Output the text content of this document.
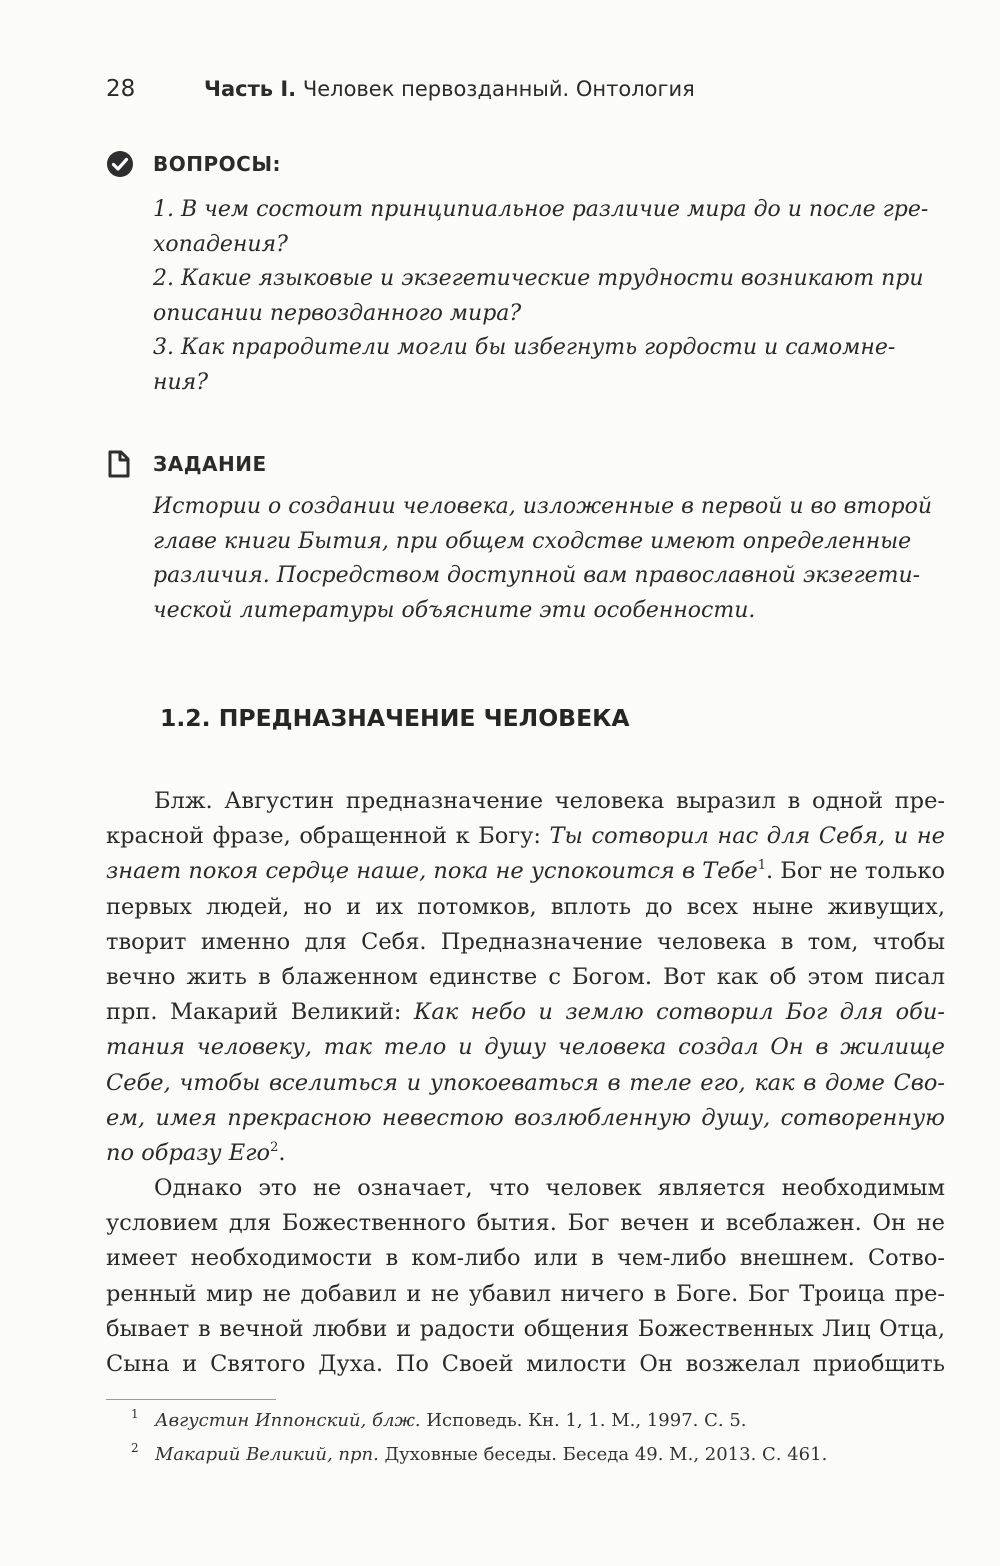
28	Часть I. Человек первозданный. Онтология
ВОПРОСЫ:

1. В чем состоит принципиальное различие мира до и после гре-хопадения?

2. Какие языковые и экзегетические трудности возникают при описании первозданного мира?

3. Как прародители могли бы избегнуть гордости и самомне-ния?

ЗАДАНИЕ

Истории о создании человека, изложенные в первой и во второй главе книги Бытия, при общем сходстве имеют определенные различия. Посредством доступной вам православной экзегети-ческой литературы объясните эти особенности.

1.2. ПРЕДНАЗНАЧЕНИЕ ЧЕЛОВЕКА
Блж. Августин предназначение человека выразил в одной пре-
красной фразе, обращенной к Богу: Ты сотворил нас для Себя, и не
знает покоя сердце наше, пока не успокоится в Тебе$^1$. Бог не только
первых людей, но и их потомков, вплоть до всех ныне живущих,
творит именно для Себя. Предназначение человека в том, чтобы
вечно жить в блаженном единстве с Богом. Вот как об этом писал
прп. Макарий Великий: Как небо и землю сотворил Бог для оби-
тания человеку, так тело и душу человека создал Он в жилище
Себе, чтобы вселиться и упокоеваться в теле его, как в доме Сво-
ем, имея прекрасною невестою возлюбленную душу, сотворенную
по образу Его$^2$.
Однако это не означает, что человек является необходимым
условием для Божественного бытия. Бог вечен и всеблажен. Он не
имеет необходимости в ком-либо или в чем-либо внешнем. Сотво-
ренный мир не добавил и не убавил ничего в Боге. Бог Троица пре-
бывает в вечной любви и радости общения Божественных Лиц Отца,
Сына и Святого Духа. По Своей милости Он возжелал приобщить
1 Августин Иппонский, блж. Исповедь. Кн. 1, 1. М., 1997. С. 5.
2 Макарий Великий, прп. Духовные беседы. Беседа 49. М., 2013. С. 461.
